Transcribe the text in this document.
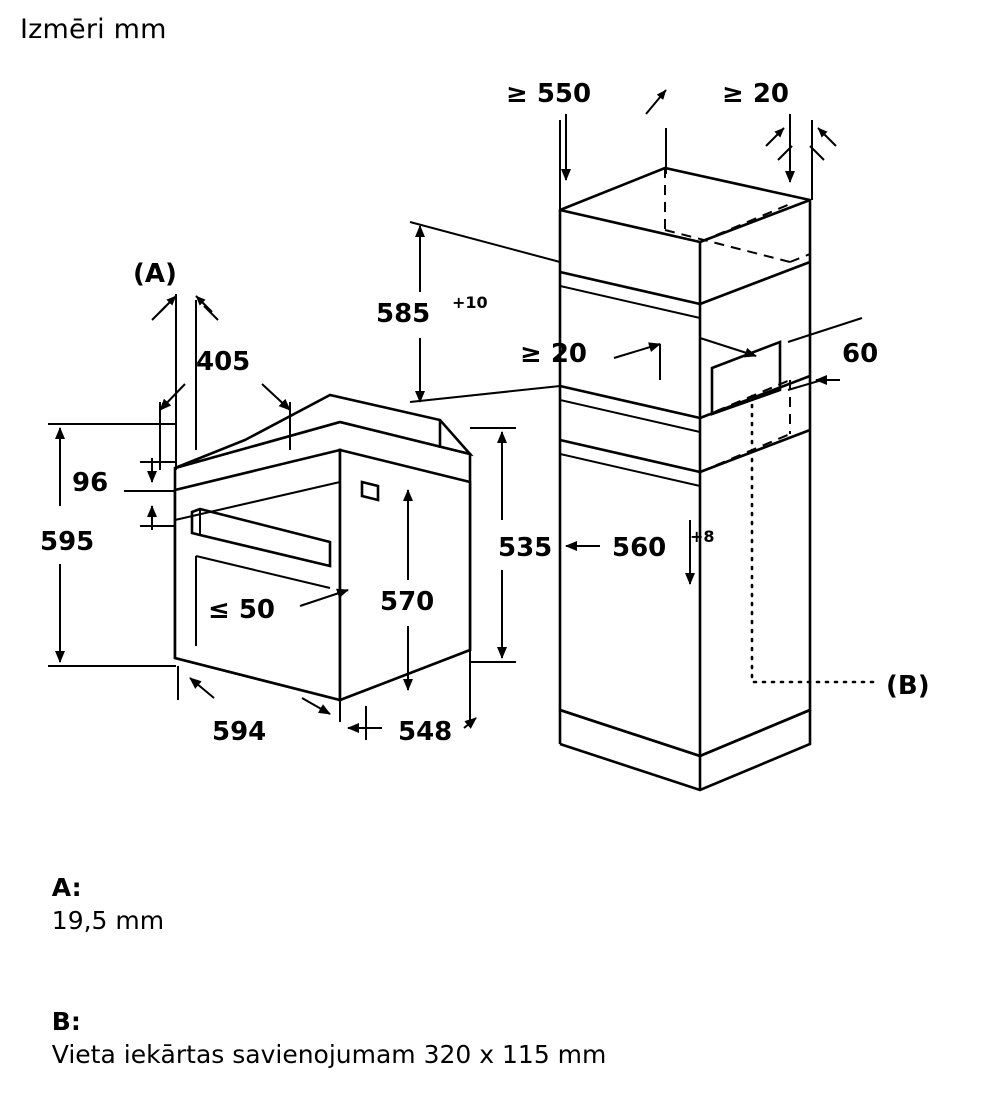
Izmēri mm
(A)
405
96
595
≤ 50	570
535
594	548
(B)
≥ 550	≥ 20
585 +10
≥ 20	60
560 +8

A:
19,5 mm

B:
Vieta iekārtas savienojumam 320 x 115 mm
